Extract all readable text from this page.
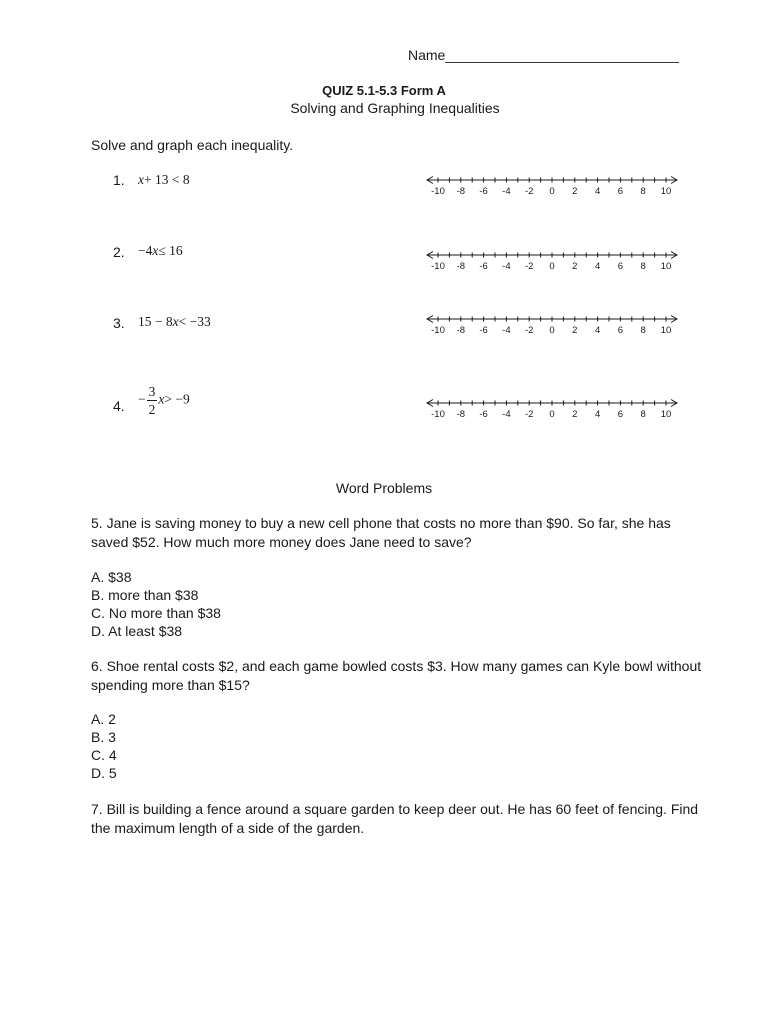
Name______________________________
QUIZ 5.1-5.3 Form A
Solving and Graphing Inequalities
Solve and graph each inequality.
1. x+ 13 < 8
-10 -8 -6 -4 -2 0 2 4 6 8 10
2. −4x≤ 16
-10 -8 -6 -4 -2 0 2 4 6 8 10
3. 15 − 8x< −33
-10 -8 -6 -4 -2 0 2 4 6 8 10
4. − $\frac{3}{2} x> -9$
-10 -8 -6 -4 -2 0 2 4 6 8 10
Word Problems
5. Jane is saving money to buy a new cell phone that costs no more than $90. So far, she has saved $52. How much more money does Jane need to save?
A. $38
B. more than $38
C. No more than $38
D. At least $38
6. Shoe rental costs $2, and each game bowled costs $3. How many games can Kyle bowl without spending more than $15?
A. 2
B. 3
C. 4
D. 5
7. Bill is building a fence around a square garden to keep deer out. He has 60 feet of fencing. Find the maximum length of a side of the garden.
